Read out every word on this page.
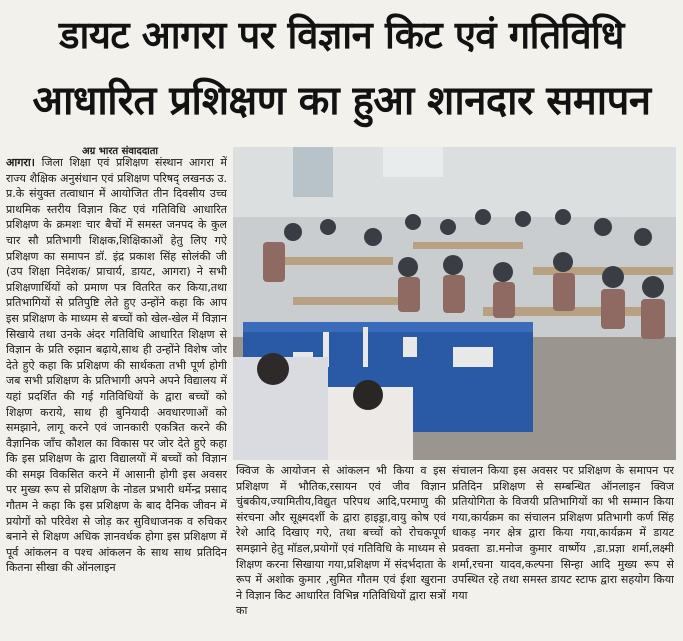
डायट आगरा पर विज्ञान किट एवं गतिविधि
आधारित प्रशिक्षण का हुआ शानदार समापन
अग्र भारत संवाददाता
आगरा। जिला शिक्षा एवं प्रशिक्षण संस्थान आगरा में राज्य शैक्षिक अनुसंधान एवं प्रशिक्षण परिषद् लखनऊ उ. प्र.के संयुक्त तत्वाधान में आयोजित तीन दिवसीय उच्च प्राथमिक स्तरीय विज्ञान किट एवं गतिविधि आधारित प्रशिक्षण के क्रमशः चार बैचों में समस्त जनपद के कुल चार सौ प्रतिभागी शिक्षक,शिक्षिकाओं हेतु लिए गऐ प्रशिक्षण का समापन डॉ. इंद्र प्रकाश सिंह सोलंकी जी (उप शिक्षा निदेशक/ प्राचार्य, डायट, आगरा) ने सभी प्रशिक्षणार्थियों को प्रमाण पत्र वितरित कर किया,तथा प्रतिभागियों से प्रतिपुष्टि लेते हुए उन्होंने कहा कि आप इस प्रशिक्षण के माध्यम से बच्चों को खेल-खेल में विज्ञान सिखाये तथा उनके अंदर गतिविधि आधारित शिक्षण से विज्ञान के प्रति रुझान बढ़ाये,साथ ही उन्होंने विशेष जोर देते हुऐ कहा कि प्रशिक्षण की सार्थकता तभी पूर्ण होगी जब सभी प्रशिक्षण के प्रतिभागी अपने अपने विद्यालय में यहां प्रदर्शित की गई गतिविधियों के द्वारा बच्चों को शिक्षण कराये, साथ ही बुनियादी अवधारणाओं को समझाने, लागू करने एवं जानकारी एकत्रित करने की वैज्ञानिक जाँच कौशल का विकास पर जोर देते हुऐ कहा कि इस प्रशिक्षण के द्वारा विद्यालयों में बच्चों को विज्ञान की समझ विकसित करने में आसानी होगी इस अवसर पर मुख्य रूप से प्रशिक्षण के नोडल प्रभारी धर्मेन्द्र प्रसाद गौतम ने कहा कि इस प्रशिक्षण के बाद दैनिक जीवन में प्रयोगों को परिवेश से जोड़ कर सुविधाजनक व रुचिकर बनाने से शिक्षण अधिक ज्ञानवर्धक होगा इस प्रशिक्षण में पूर्व आंकलन व पश्च आंकलन के साथ साथ प्रतिदिन कितना सीखा की ऑनलाइन
क्विज के आयोजन से आंकलन भी किया व इस प्रशिक्षण में भौतिक,रसायन एवं जीव विज्ञान चुंबकीय,ज्यामितीय,विद्युत परिपथ आदि,परमाणु की संरचना और सूक्ष्मदर्शी के द्वारा हाइड्रा,वायु कोष एवं रेशे आदि दिखाए गऐ, तथा बच्चों को रोचकपूर्ण समझाने हेतु मॉडल,प्रयोगों एवं गतिविधि के माध्यम से शिक्षण करना सिखाया गया,प्रशिक्षण में संदर्भदाता के रूप में अशोक कुमार ,सुमित गौतम एवं ईशा खुराना ने विज्ञान किट आधारित विभिन्न गतिविधियों द्वारा सत्रों का
संचालन किया इस अवसर पर प्रशिक्षण के समापन पर प्रतिदिन प्रशिक्षण से सम्बन्धित ऑनलाइन क्विज प्रतियोगिता के विजयी प्रतिभागियों का भी सम्मान किया गया,कार्यक्रम का संचालन प्रशिक्षण प्रतिभागी कर्ण सिंह धाकड़ नगर क्षेत्र द्वारा किया गया,कार्यक्रम में डायट प्रवक्ता डा.मनोज कुमार वार्ष्णेय ,डा.प्रज्ञा शर्मा,लक्ष्मी शर्मा,रचना यादव,कल्पना सिन्हा आदि मुख्य रूप से उपस्थित रहे तथा समस्त डायट स्टाफ द्वारा सहयोग किया गया
